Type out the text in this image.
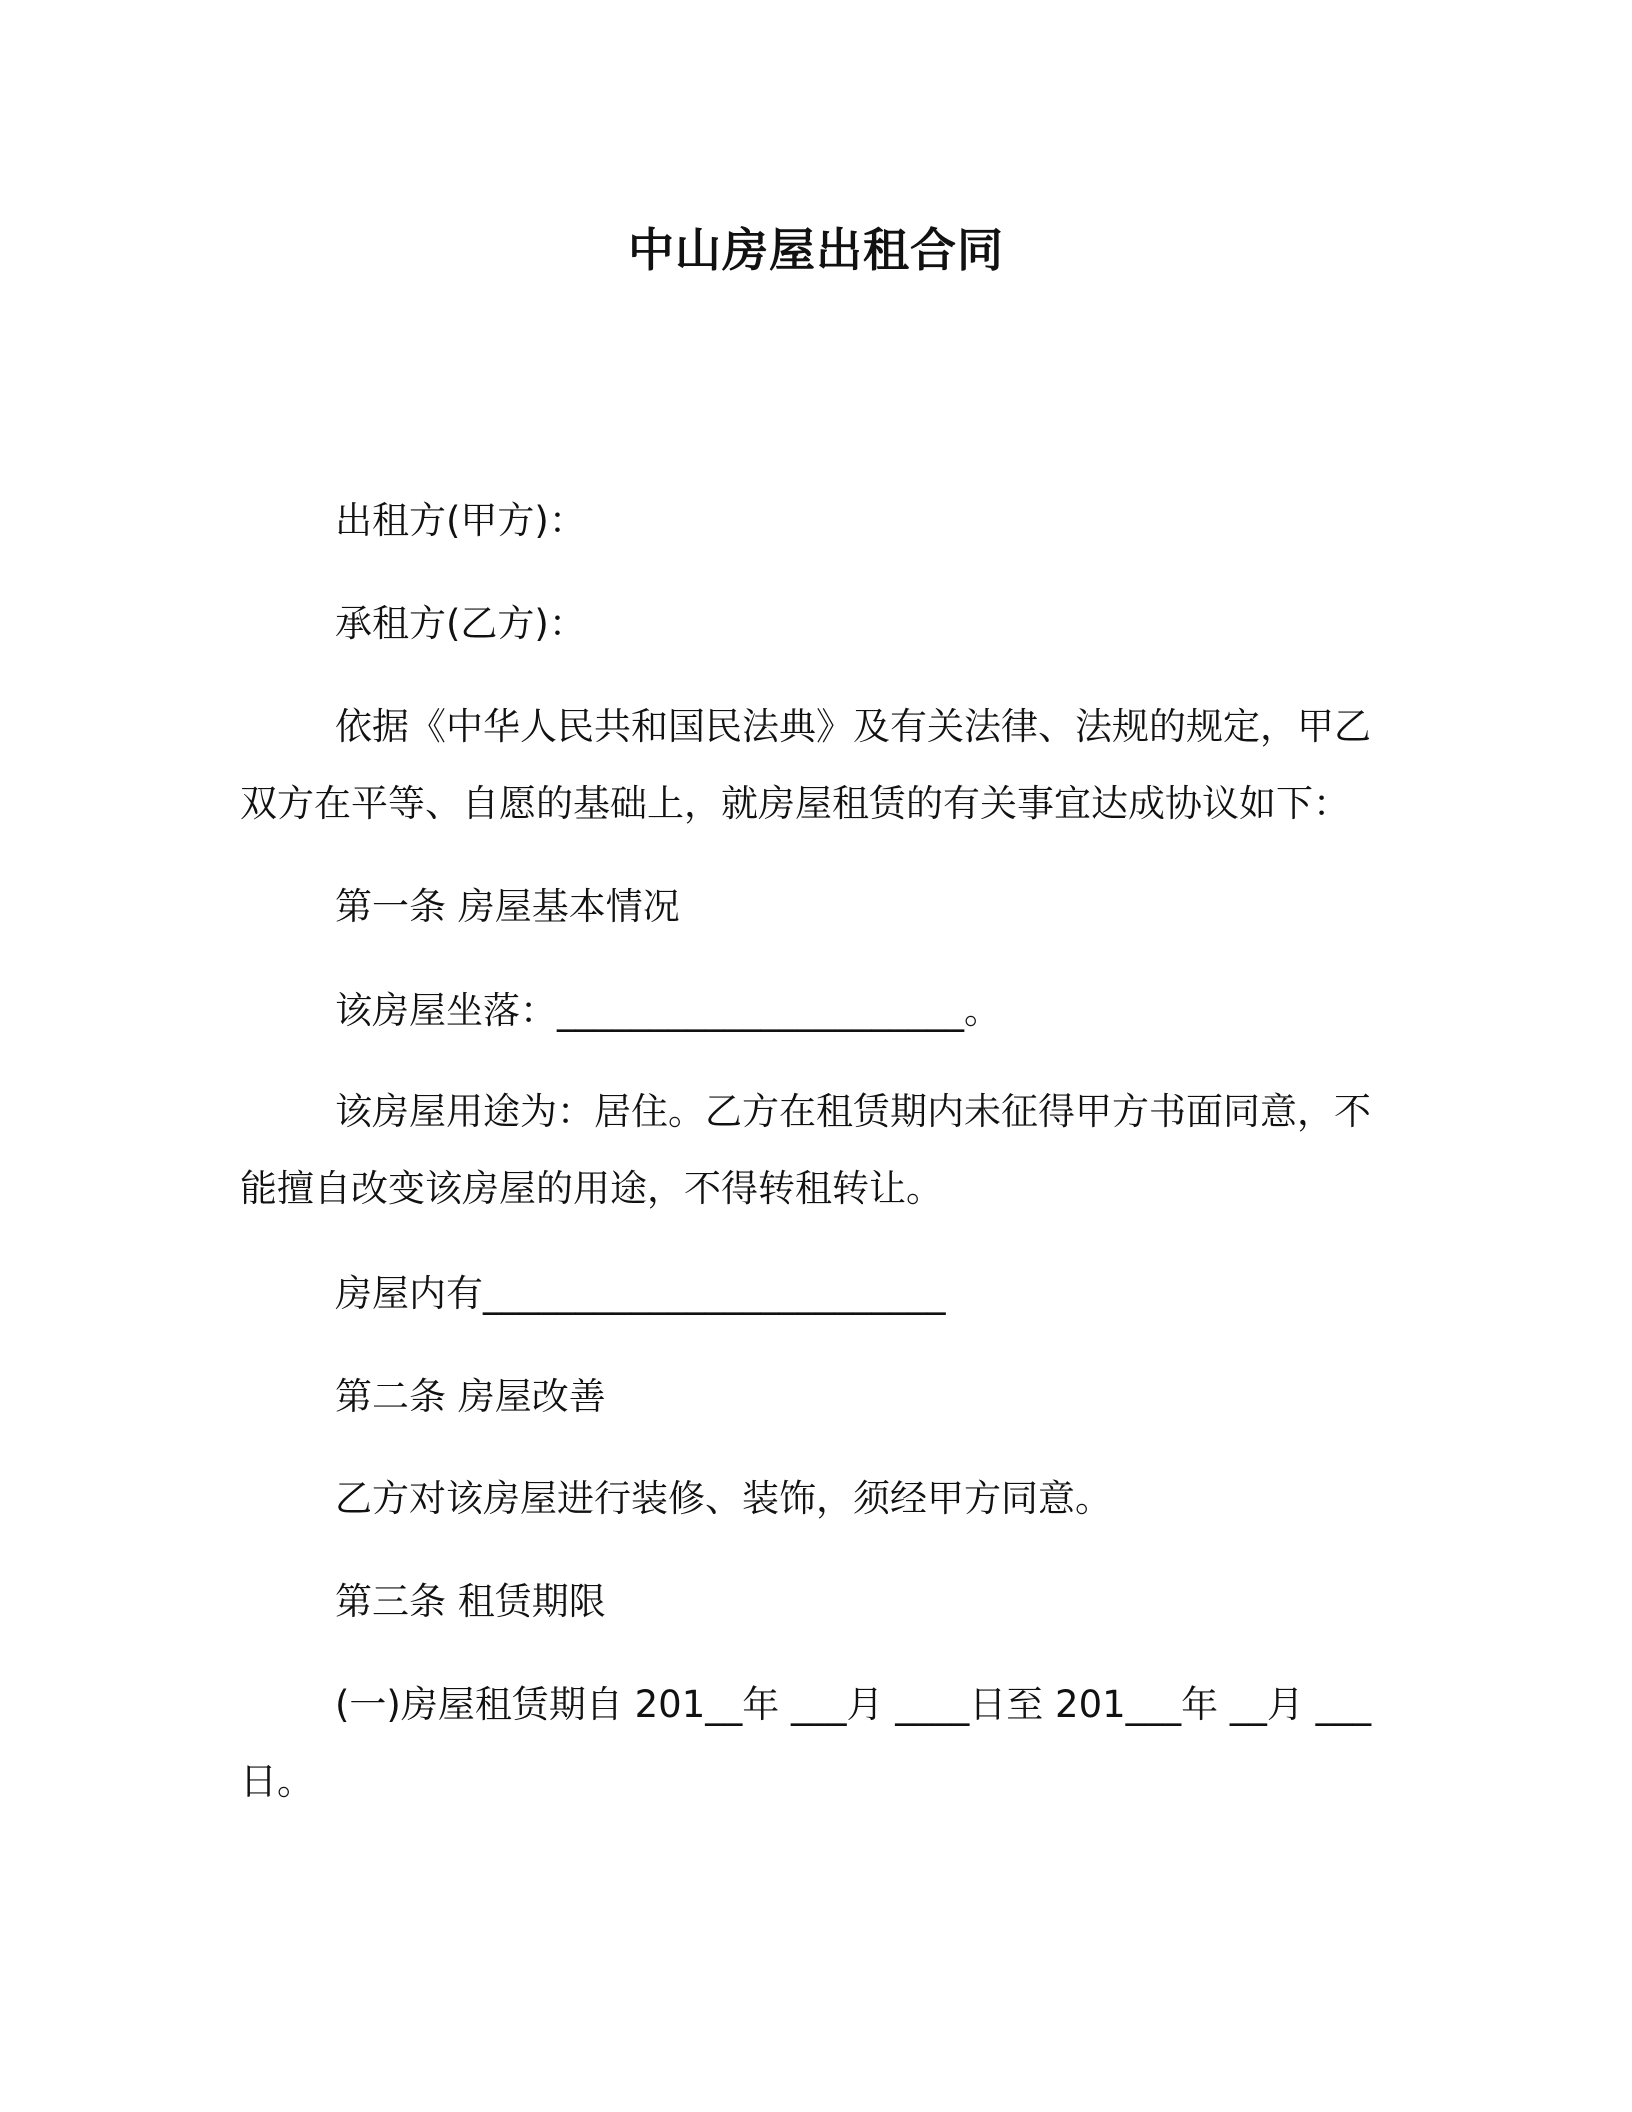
中山房屋出租合同
出租方(甲方)：
承租方(乙方)：
依据《中华人民共和国民法典》及有关法律、法规的规定，甲乙
双方在平等、自愿的基础上，就房屋租赁的有关事宜达成协议如下：
第一条 房屋基本情况
该房屋坐落：______________________。
该房屋用途为：居住。乙方在租赁期内未征得甲方书面同意，不
能擅自改变该房屋的用途，不得转租转让。
房屋内有_________________________
第二条 房屋改善
乙方对该房屋进行装修、装饰，须经甲方同意。
第三条 租赁期限
(一)房屋租赁期自 201__年 ___月 ____日至 201___年 __月 ___
日。
